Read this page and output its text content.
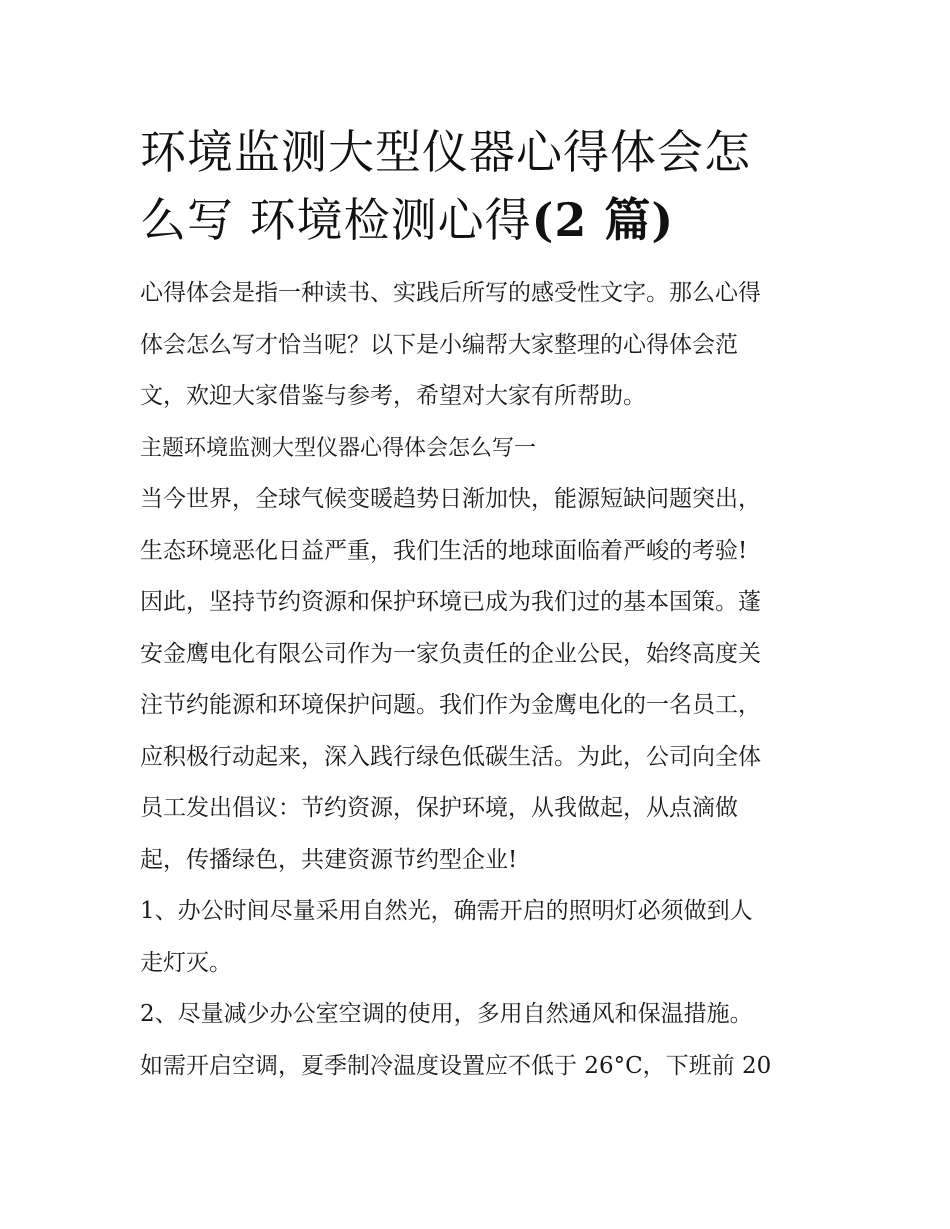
环境监测大型仪器心得体会怎
么写 环境检测心得(2 篇)
心得体会是指一种读书、实践后所写的感受性文字。那么心得
体会怎么写才恰当呢？以下是小编帮大家整理的心得体会范
文，欢迎大家借鉴与参考，希望对大家有所帮助。
主题环境监测大型仪器心得体会怎么写一
当今世界，全球气候变暖趋势日渐加快，能源短缺问题突出，
生态环境恶化日益严重，我们生活的地球面临着严峻的考验!
因此，坚持节约资源和保护环境已成为我们过的基本国策。蓬
安金鹰电化有限公司作为一家负责任的企业公民，始终高度关
注节约能源和环境保护问题。我们作为金鹰电化的一名员工，
应积极行动起来，深入践行绿色低碳生活。为此，公司向全体
员工发出倡议：节约资源，保护环境，从我做起，从点滴做
起，传播绿色，共建资源节约型企业!
1、办公时间尽量采用自然光，确需开启的照明灯必须做到人
走灯灭。
2、尽量减少办公室空调的使用，多用自然通风和保温措施。
如需开启空调，夏季制冷温度设置应不低于 26°C，下班前 20
